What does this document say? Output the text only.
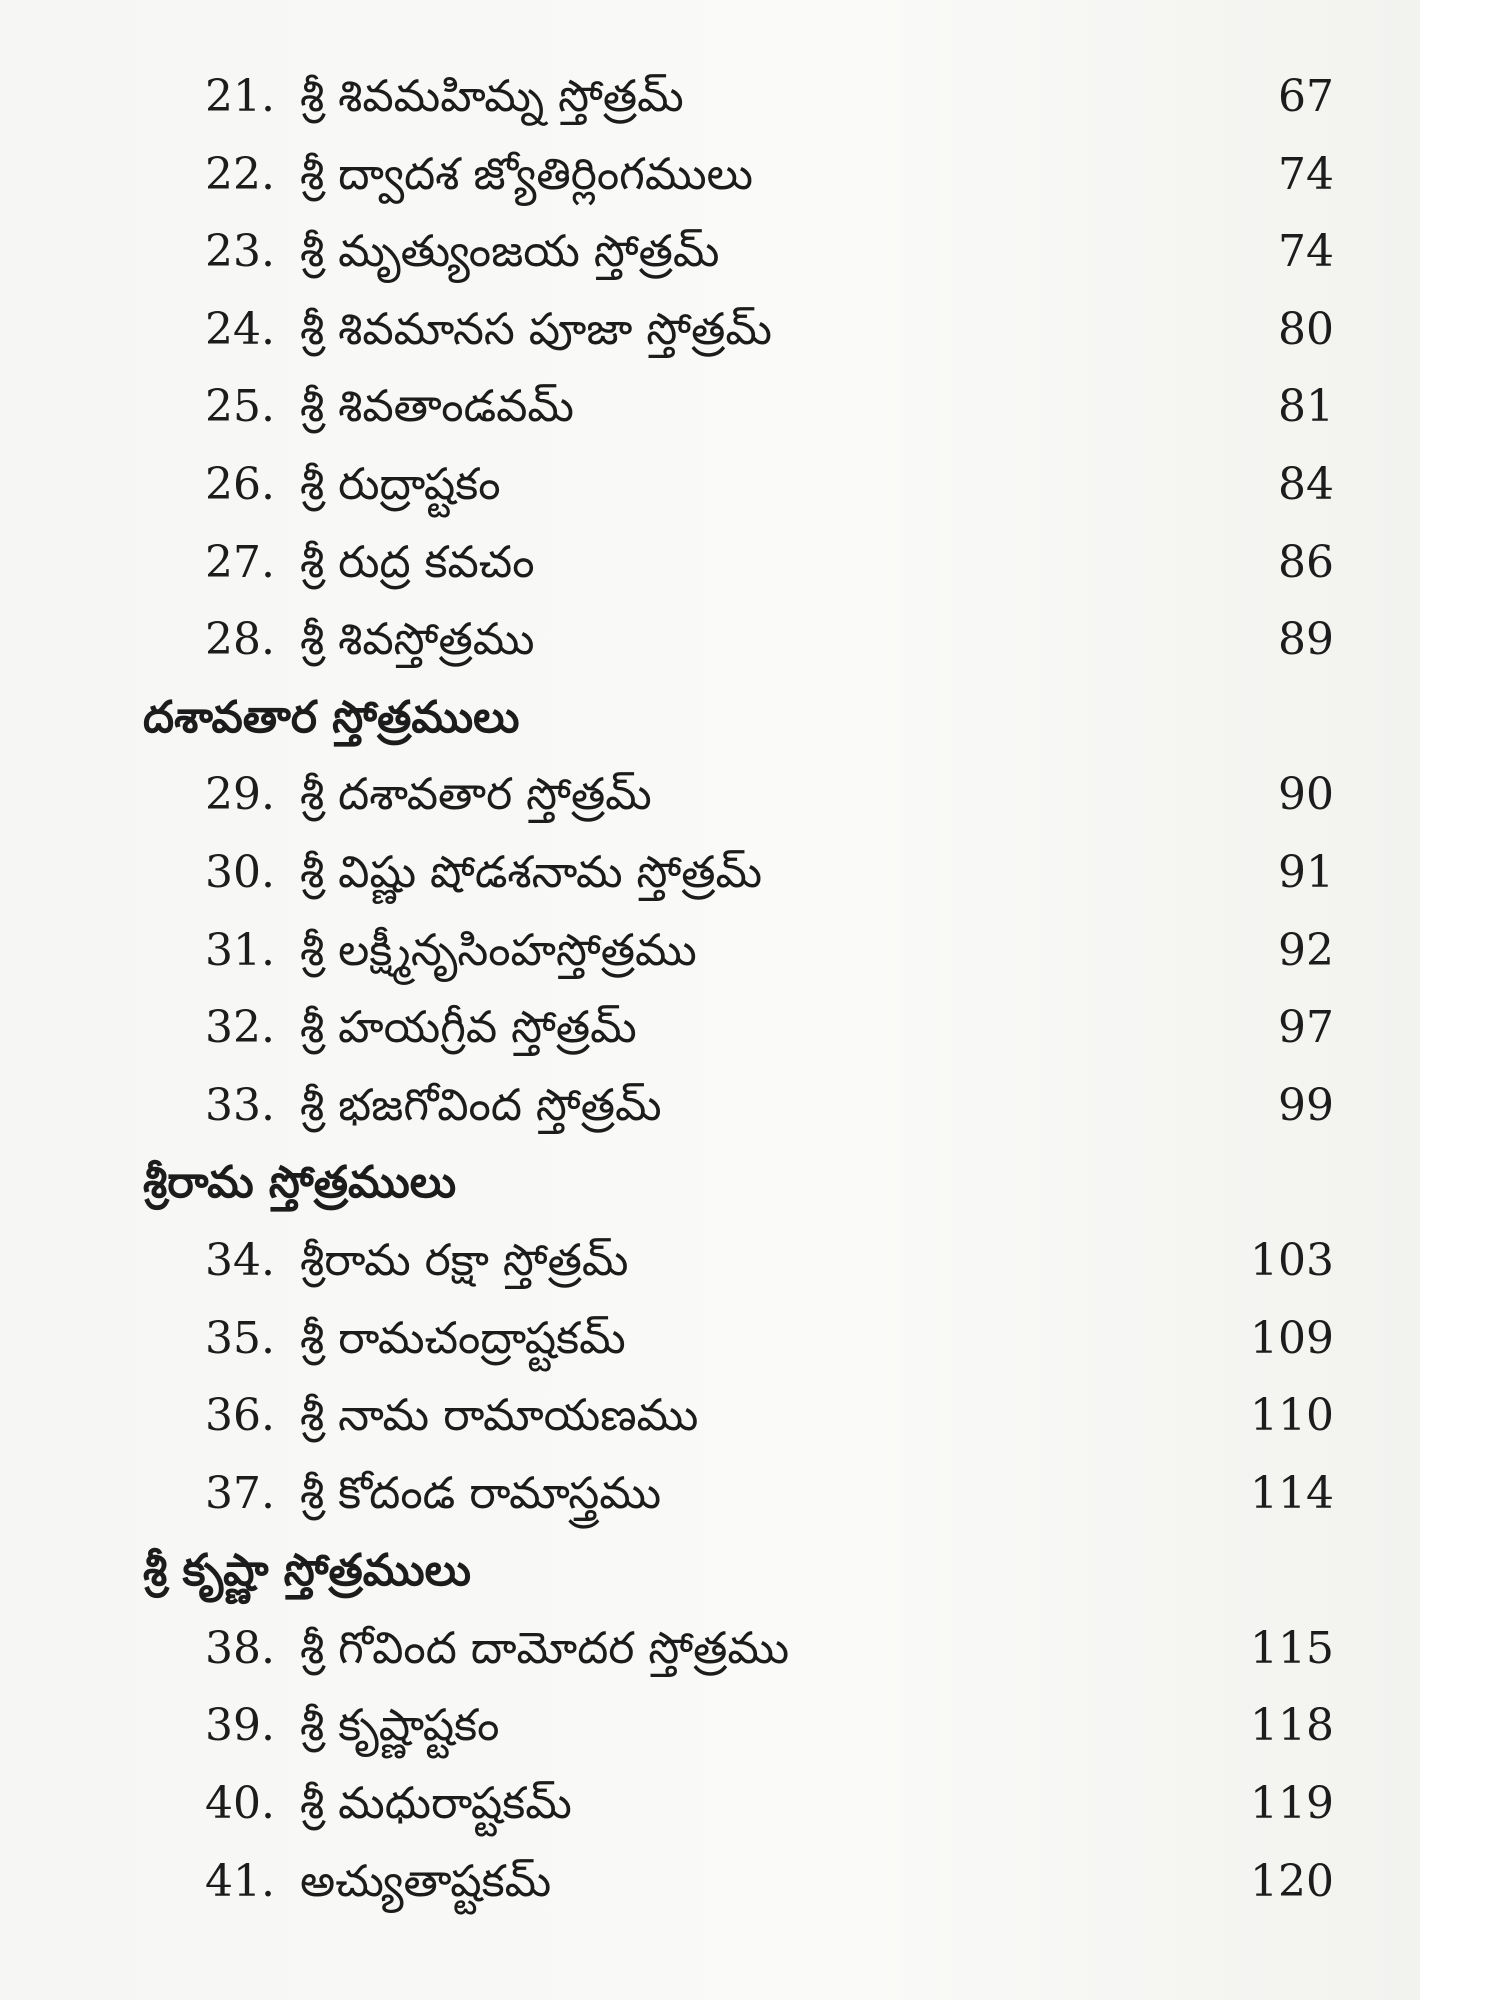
21. శ్రీ శివమహిమ్న స్తోత్రమ్	67
22. శ్రీ ద్వాదశ జ్యోతిర్లింగములు	74
23. శ్రీ మృత్యుంజయ స్తోత్రమ్	74
24. శ్రీ శివమానస పూజా స్తోత్రమ్	80
25. శ్రీ శివతాండవమ్	81
26. శ్రీ రుద్రాష్టకం	84
27. శ్రీ రుద్ర కవచం	86
28. శ్రీ శివస్తోత్రము	89
దశావతార స్తోత్రములు
29. శ్రీ దశావతార స్తోత్రమ్	90
30. శ్రీ విష్ణు షోడశనామ స్తోత్రమ్	91
31. శ్రీ లక్ష్మీనృసింహస్తోత్రము	92
32. శ్రీ హయగ్రీవ స్తోత్రమ్	97
33. శ్రీ భజగోవింద స్తోత్రమ్	99
శ్రీరామ స్తోత్రములు
34. శ్రీరామ రక్షా స్తోత్రమ్	103
35. శ్రీ రామచంద్రాష్టకమ్	109
36. శ్రీ నామ రామాయణము	110
37. శ్రీ కోదండ రామాస్త్రము	114
శ్రీ కృష్ణా స్తోత్రములు
38. శ్రీ గోవింద దామోదర స్తోత్రము	115
39. శ్రీ కృష్ణాష్టకం	118
40. శ్రీ మధురాష్టకమ్	119
41. అచ్యుతాష్టకమ్	120
